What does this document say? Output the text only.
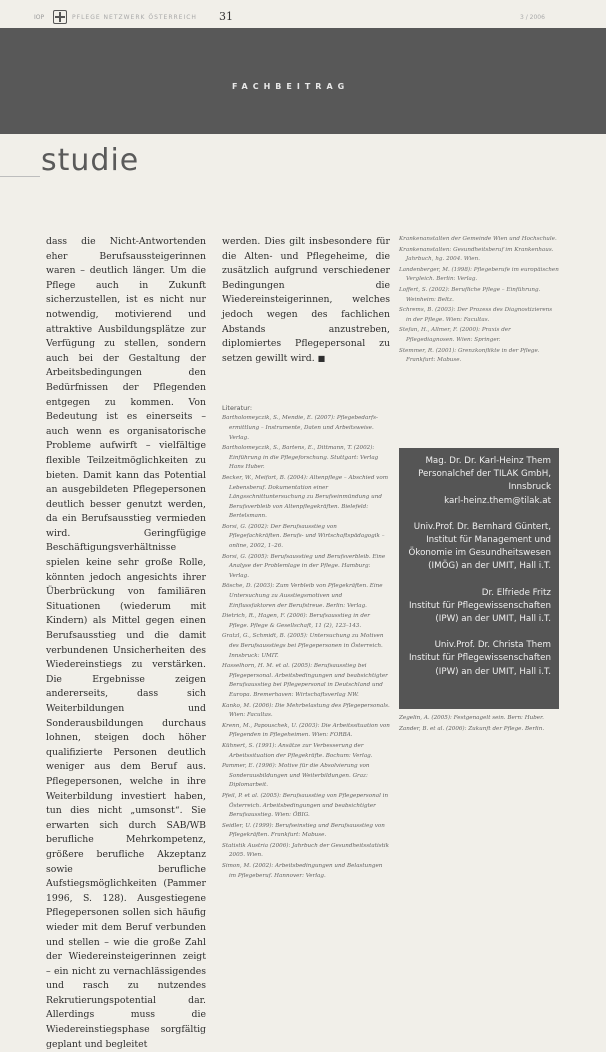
IOP	PFLEGE NETZWERK ÖSTERREICH 31	3 / 2006
FACHBEITRAG
studie

dass die Nicht-Antwortenden eher Berufsaussteigerinnen waren – deutlich länger. Um die Pflege auch in Zukunft sicherzustellen, ist es nicht nur notwendig, motivierend und attraktive Ausbildungsplätze zur Verfügung zu stellen, sondern auch bei der Gestaltung der Arbeitsbedingungen den Bedürfnissen der Pflegenden entgegen zu kommen. Von Bedeutung ist es einerseits – auch wenn es organisatorische Probleme aufwirft – vielfältige flexible Teilzeitmöglichkeiten zu bieten. Damit kann das Potential an ausgebildeten Pflegepersonen deutlich besser genutzt werden, da ein Berufsausstieg vermieden wird. Geringfügige Beschäftigungsverhältnisse spielen keine sehr große Rolle, könnten jedoch angesichts ihrer Überbrückung von familiären Situationen (wiederum mit Kindern) als Mittel gegen einen Berufsausstieg und die damit verbundenen Unsicherheiten des Wiedereinstiegs zu verstärken. Die Ergebnisse zeigen andererseits, dass sich Weiterbildungen und Sonderausbildungen durchaus lohnen, steigen doch höher qualifizierte Personen deutlich weniger aus dem Beruf aus. Pflegepersonen, welche in ihre Weiterbildung investiert haben, tun dies nicht „umsonst“. Sie erwarten sich durch SAB/WB berufliche Mehrkompetenz, größere berufliche Akzeptanz sowie berufliche Aufstiegsmöglichkeiten (Pammer 1996, S. 128). Ausgestiegene Pflegepersonen sollen sich häufig wieder mit dem Beruf verbunden und stellen – wie die große Zahl der Wiedereinsteigerinnen zeigt – ein nicht zu vernachlässigendes und rasch zu nutzendes Rekrutierungspotential dar. Allerdings muss die Wiedereinstiegsphase sorgfältig geplant und begleitet

werden. Dies gilt insbesondere für die Alten- und Pflegeheime, die zusätzlich aufgrund verschiedener Bedingungen die Wiedereinsteigerinnen, welches jedoch wegen des fachlichen Abstands anzustreben, diplomiertes Pflegepersonal zu setzen gewillt wird. ■

Literatur:
Bartholomeyczik, S., Mendie, E. (2007): Pflegebedarfsermittlung – Instrumente, Daten und Arbeitsweise. Verlag.
Bartholomeyczik, S., Bartens, E., Dittmann, T. (2002): Einführung in die Pflegeforschung. Stuttgart: Verlag Hans Huber.
Becker, W., Meifort, B. (2004): Altenpflege – Abschied vom Lebensberuf. Dokumentation einer Längsschnittuntersuchung zu Berufseinmündung und Berufsverbleib von Altenpflegekräften. Bielefeld: Bertelsmann.
Borsi, G. (2002): Der Berufsausstieg von Pflegefachkräften. Berufs- und Wirtschaftspädagogik – online, 2002, 1–26.
Borsi, G. (2005): Berufsausstieg und Berufsverbleib. Eine Analyse der Problemlage in der Pflege. Hamburg: Verlag.
Bösche, D. (2003): Zum Verbleib von Pflegekräften. Eine Untersuchung zu Ausstiegsmotiven und Einflussfaktoren der Berufstreue. Berlin: Verlag.
Dietrich, R., Hagen, F. (2006): Berufsausstieg in der Pflege. Pflege & Gesellschaft, 11 (2), 123–143.
Gratzl, G., Schmidt, B. (2005): Untersuchung zu Motiven des Berufsausstiegs bei Pflegepersonen in Österreich. Innsbruck: UMIT.
Hasselhorn, H. M. et al. (2005): Berufsausstieg bei Pflegepersonal. Arbeitsbedingungen und beabsichtigter Berufsausstieg bei Pflegepersonal in Deutschland und Europa. Bremerhaven: Wirtschaftsverlag NW.
Kanko, M. (2006): Die Mehrbelastung des Pflegepersonals. Wien: Facultas.
Krenn, M., Papouschek, U. (2003): Die Arbeitssituation von Pflegenden in Pflegeheimen. Wien: FORBA.
Kühnert, S. (1991): Ansätze zur Verbesserung der Arbeitssituation der Pflegekräfte. Bochum: Verlag.
Pammer, E. (1996): Motive für die Absolvierung von Sonderausbildungen und Weiterbildungen. Graz: Diplomarbeit.
Pfeil, P. et al. (2005): Berufsausstieg von Pflegepersonal in Österreich. Arbeitsbedingungen und beabsichtigter Berufsausstieg. Wien: ÖBIG.
Seidler, U. (1999): Berufseinstieg und Berufsausstieg von Pflegekräften. Frankfurt: Mabuse.
Statistik Austria (2006): Jahrbuch der Gesundheitsstatistik 2005. Wien.
Simon, M. (2002): Arbeitsbedingungen und Belastungen im Pflegeberuf. Hannover: Verlag.
Krankenanstalten der Gemeinde Wien und Hochschule.
Krankenanstalten: Gesundheitsberuf im Krankenhaus. Jahrbuch, hg. 2004. Wien.
Landenberger, M. (1998): Pflegeberufe im europäischen Vergleich. Berlin: Verlag.
Loffert, S. (2002): Berufliche Pflege – Einführung. Weinheim: Beltz.
Schrems, B. (2003): Der Prozess des Diagnostizierens in der Pflege. Wien: Facultas.
Stefan, H., Allmer, F. (2000): Praxis der Pflegediagnosen. Wien: Springer.
Stemmer, R. (2001): Grenzkonflikte in der Pflege. Frankfurt: Mabuse.
Mag. Dr. Dr. Karl-Heinz Them
Personalchef der TILAK GmbH,
Innsbruck
karl-heinz.them@tilak.at
Univ.Prof. Dr. Bernhard Güntert,
Institut für Management und
Ökonomie im Gesundheitswesen
(IMÖG) an der UMIT, Hall i.T.
Dr. Elfriede Fritz
Institut für Pflegewissenschaften
(IPW) an der UMIT, Hall i.T.
Univ.Prof. Dr. Christa Them
Institut für Pflegewissenschaften
(IPW) an der UMIT, Hall i.T.
Zegelin, A. (2005): Festgenagelt sein. Bern: Huber.
Zander, B. et al. (2006): Zukunft der Pflege. Berlin.
